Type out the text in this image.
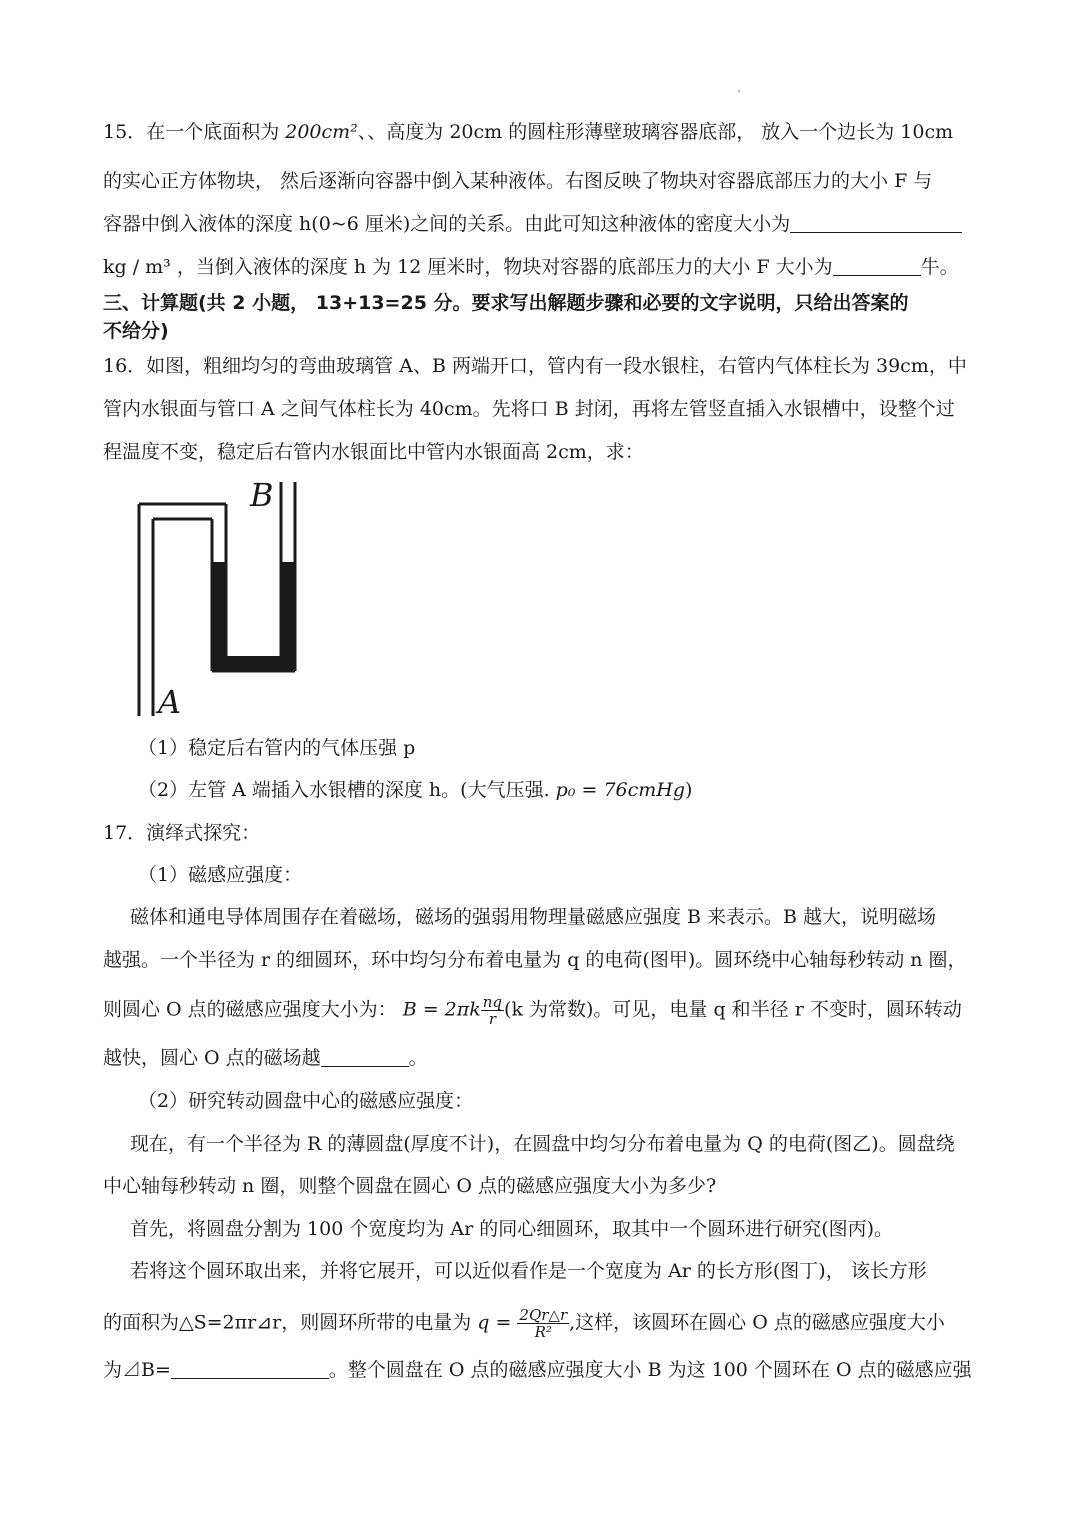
15．在一个底面积为 200cm²、、高度为 20cm 的圆柱形薄壁玻璃容器底部， 放入一个边长为 10cm
的实心正方体物块， 然后逐渐向容器中倒入某种液体。右图反映了物块对容器底部压力的大小 F 与
容器中倒入液体的深度 h(0~6 厘米)之间的关系。由此可知这种液体的密度大小为
kg / m³ ，当倒入液体的深度 h 为 12 厘米时，物块对容器的底部压力的大小 F 大小为	牛。
三、计算题(共 2 小题， 13+13=25 分。要求写出解题步骤和必要的文字说明，只给出答案的
不给分)
16．如图，粗细均匀的弯曲玻璃管 A、B 两端开口，管内有一段水银柱，右管内气体柱长为 39cm，中
管内水银面与管口 A 之间气体柱长为 40cm。先将口 B 封闭，再将左管竖直插入水银槽中，设整个过
程温度不变，稳定后右管内水银面比中管内水银面高 2cm，求：
B
A
（1）稳定后右管内的气体压强 p
（2）左管 A 端插入水银槽的深度 h。(大气压强. p₀ = 76cmHg)
17．演绎式探究：
（1）磁感应强度：
磁体和通电导体周围存在着磁场，磁场的强弱用物理量磁感应强度 B 来表示。B 越大，说明磁场
越强。一个半径为 r 的细圆环，环中均匀分布着电量为 q 的电荷(图甲)。圆环绕中心轴每秒转动 n 圈，
则圆心 O 点的磁感应强度大小为： $B = 2\pi k \frac{nq}{r} (k$ 为常数)。可见，电量 q 和半径 r 不变时，圆环转动
越快，圆心 O 点的磁场越	。
（2）研究转动圆盘中心的磁感应强度：
现在，有一个半径为 R 的薄圆盘(厚度不计)，在圆盘中均匀分布着电量为 Q 的电荷(图乙)。圆盘绕
中心轴每秒转动 n 圈，则整个圆盘在圆心 O 点的磁感应强度大小为多少?
首先，将圆盘分割为 100 个宽度均为 Ar 的同心细圆环，取其中一个圆环进行研究(图丙)。
若将这个圆环取出来，并将它展开，可以近似看作是一个宽度为 Ar 的长方形(图丁)， 该长方形
的面积为△S=2πr⊿r，则圆环所带的电量为 $q = \frac{2Qr\triangle r}{\text{R²}}$ ,这样，该圆环在圆心 O 点的磁感应强度大小
为⊿B=	。整个圆盘在 O 点的磁感应强度大小 B 为这 100 个圆环在 O 点的磁感应强
